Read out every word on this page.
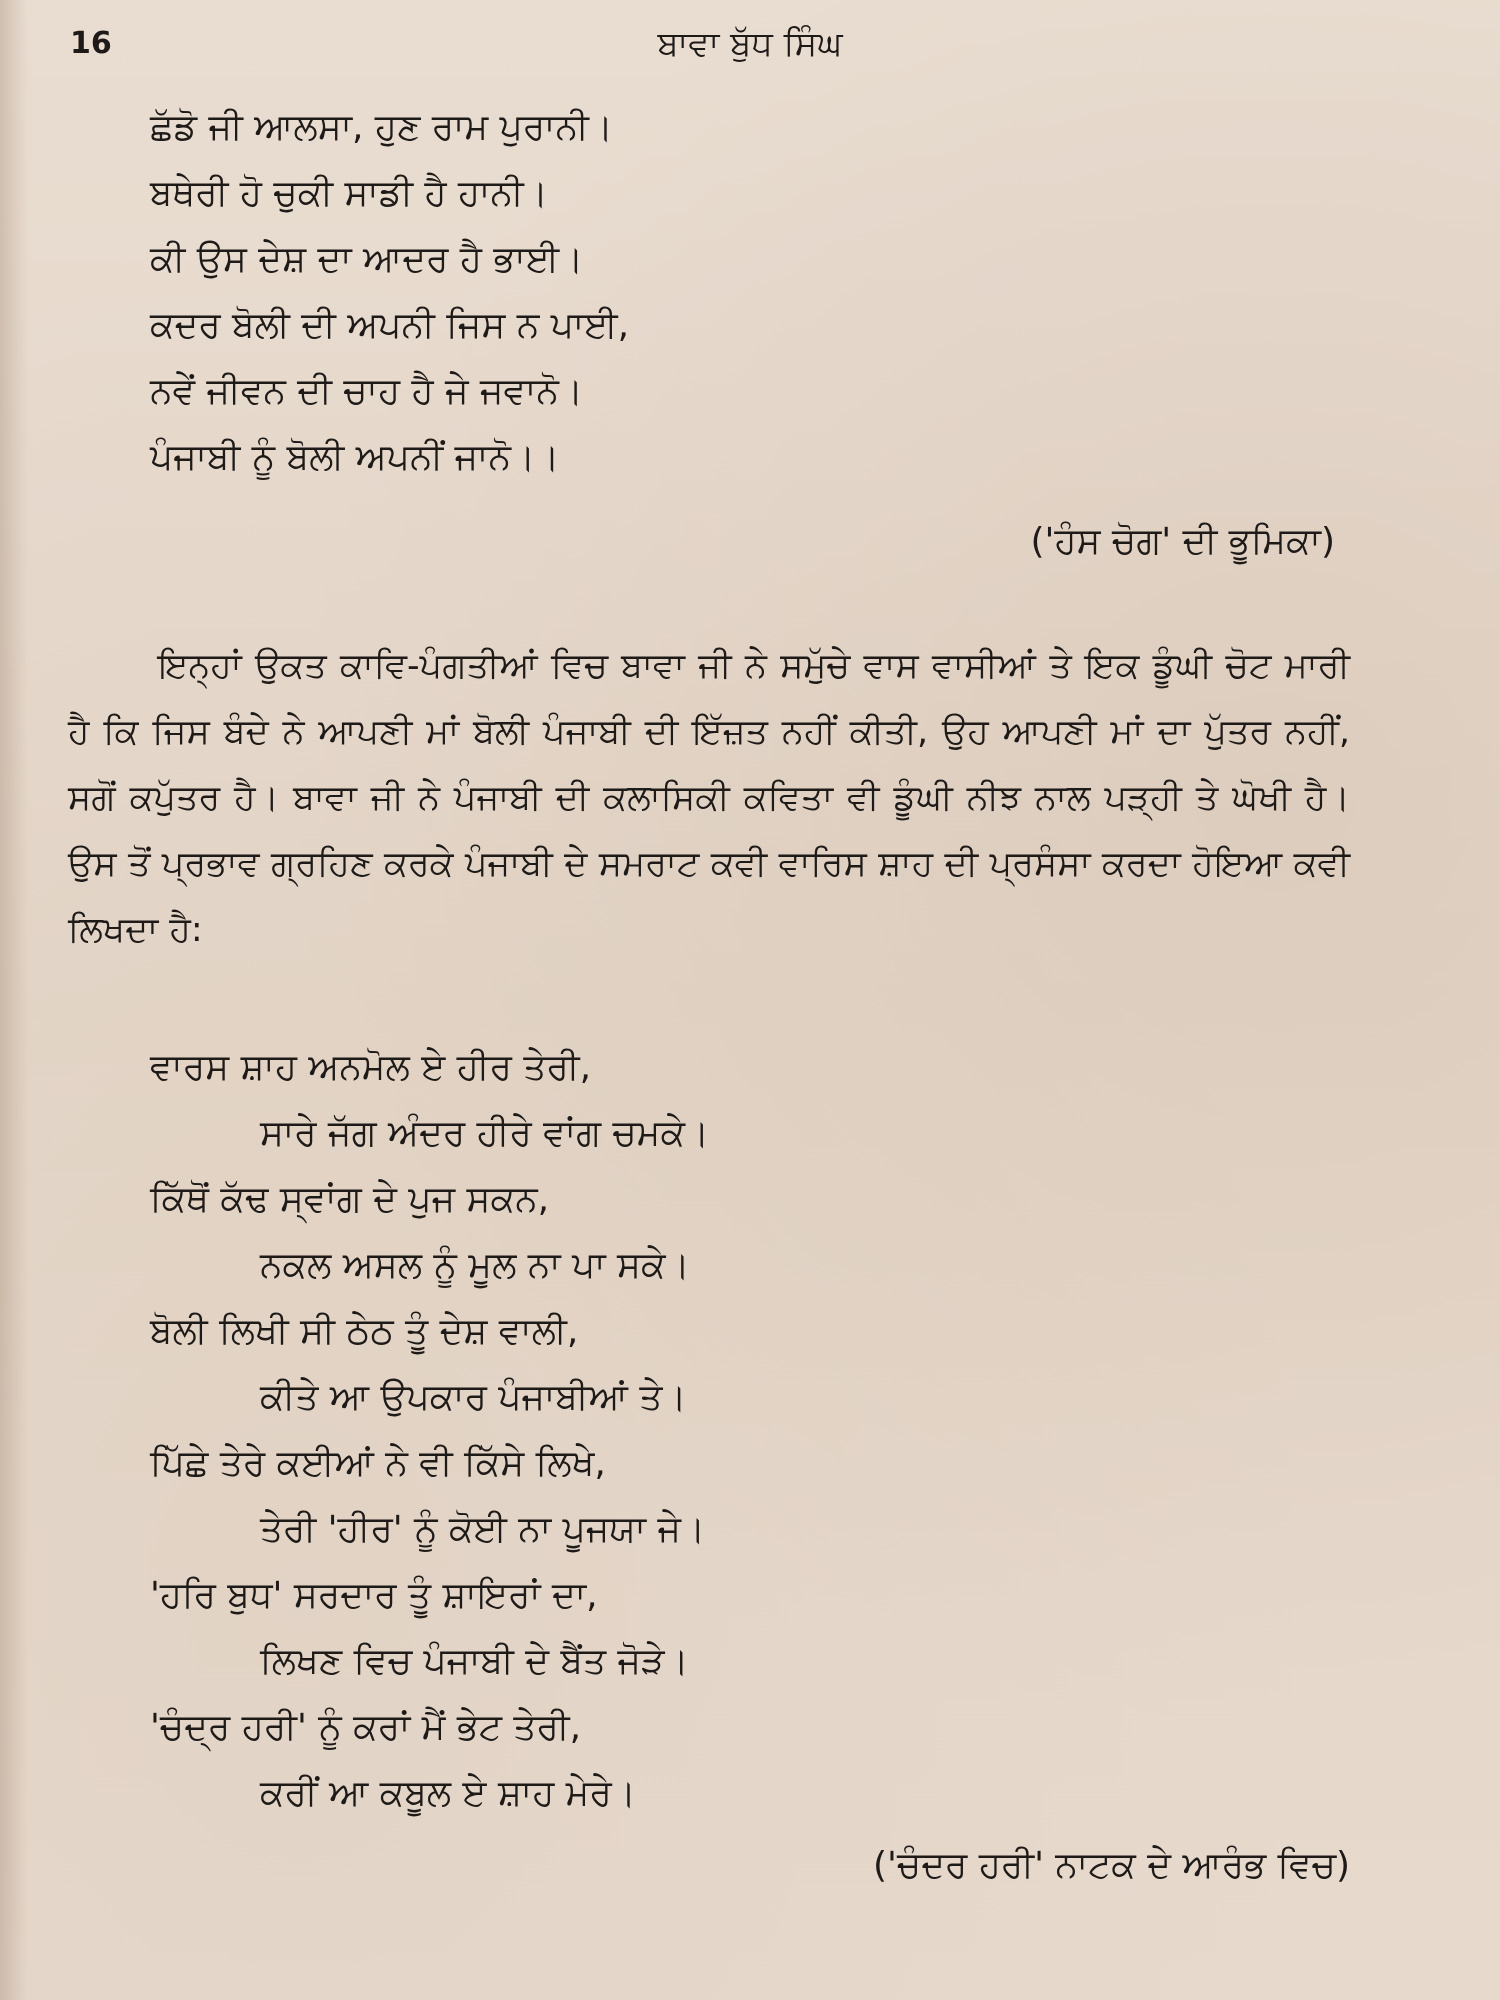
16	ਬਾਵਾ ਬੁੱਧ ਸਿੰਘ
ਛੱਡੋ ਜੀ ਆਲਸਾ, ਹੁਣ ਰਾਮ ਪੁਰਾਨੀ।
ਬਥੇਰੀ ਹੋ ਚੁਕੀ ਸਾਡੀ ਹੈ ਹਾਨੀ।
ਕੀ ਉਸ ਦੇਸ਼ ਦਾ ਆਦਰ ਹੈ ਭਾਈ।
ਕਦਰ ਬੋਲੀ ਦੀ ਅਪਨੀ ਜਿਸ ਨ ਪਾਈ,
ਨਵੇਂ ਜੀਵਨ ਦੀ ਚਾਹ ਹੈ ਜੇ ਜਵਾਨੋ।
ਪੰਜਾਬੀ ਨੂੰ ਬੋਲੀ ਅਪਨੀਂ ਜਾਨੋ।।
('ਹੰਸ ਚੋਗ' ਦੀ ਭੂਮਿਕਾ)

ਇਨ੍ਹਾਂ ਉਕਤ ਕਾਵਿ-ਪੰਗਤੀਆਂ ਵਿਚ ਬਾਵਾ ਜੀ ਨੇ ਸਮੁੱਚੇ ਵਾਸ ਵਾਸੀਆਂ ਤੇ ਇਕ ਡੂੰਘੀ ਚੋਟ ਮਾਰੀ ਹੈ ਕਿ ਜਿਸ ਬੰਦੇ ਨੇ ਆਪਣੀ ਮਾਂ ਬੋਲੀ ਪੰਜਾਬੀ ਦੀ ਇੱਜ਼ਤ ਨਹੀਂ ਕੀਤੀ, ਉਹ ਆਪਣੀ ਮਾਂ ਦਾ ਪੁੱਤਰ ਨਹੀਂ, ਸਗੋਂ ਕਪੁੱਤਰ ਹੈ। ਬਾਵਾ ਜੀ ਨੇ ਪੰਜਾਬੀ ਦੀ ਕਲਾਸਿਕੀ ਕਵਿਤਾ ਵੀ ਡੂੰਘੀ ਨੀਝ ਨਾਲ ਪੜ੍ਹੀ ਤੇ ਘੋਖੀ ਹੈ। ਉਸ ਤੋਂ ਪ੍ਰਭਾਵ ਗ੍ਰਹਿਣ ਕਰਕੇ ਪੰਜਾਬੀ ਦੇ ਸਮਰਾਟ ਕਵੀ ਵਾਰਿਸ ਸ਼ਾਹ ਦੀ ਪ੍ਰਸੰਸਾ ਕਰਦਾ ਹੋਇਆ ਕਵੀ ਲਿਖਦਾ ਹੈ:

ਵਾਰਸ ਸ਼ਾਹ ਅਨਮੋਲ ਏ ਹੀਰ ਤੇਰੀ,
ਸਾਰੇ ਜੱਗ ਅੰਦਰ ਹੀਰੇ ਵਾਂਗ ਚਮਕੇ।
ਕਿੱਥੋਂ ਕੱਢ ਸ੍ਵਾਂਗ ਦੇ ਪੁਜ ਸਕਨ,
ਨਕਲ ਅਸਲ ਨੂੰ ਮੂਲ ਨਾ ਪਾ ਸਕੇ।
ਬੋਲੀ ਲਿਖੀ ਸੀ ਠੇਠ ਤੂੰ ਦੇਸ਼ ਵਾਲੀ,
ਕੀਤੇ ਆ ਉਪਕਾਰ ਪੰਜਾਬੀਆਂ ਤੇ।
ਪਿੱਛੇ ਤੇਰੇ ਕਈਆਂ ਨੇ ਵੀ ਕਿੱਸੇ ਲਿਖੇ,
ਤੇਰੀ 'ਹੀਰ' ਨੂੰ ਕੋਈ ਨਾ ਪੂਜਯਾ ਜੇ।
'ਹਰਿ ਬੁਧ' ਸਰਦਾਰ ਤੂੰ ਸ਼ਾਇਰਾਂ ਦਾ,
ਲਿਖਣ ਵਿਚ ਪੰਜਾਬੀ ਦੇ ਬੈਂਤ ਜੋੜੇ।
'ਚੰਦ੍ਰ ਹਰੀ' ਨੂੰ ਕਰਾਂ ਮੈਂ ਭੇਟ ਤੇਰੀ,
ਕਰੀਂ ਆ ਕਬੂਲ ਏ ਸ਼ਾਹ ਮੇਰੇ।
('ਚੰਦਰ ਹਰੀ' ਨਾਟਕ ਦੇ ਆਰੰਭ ਵਿਚ)
